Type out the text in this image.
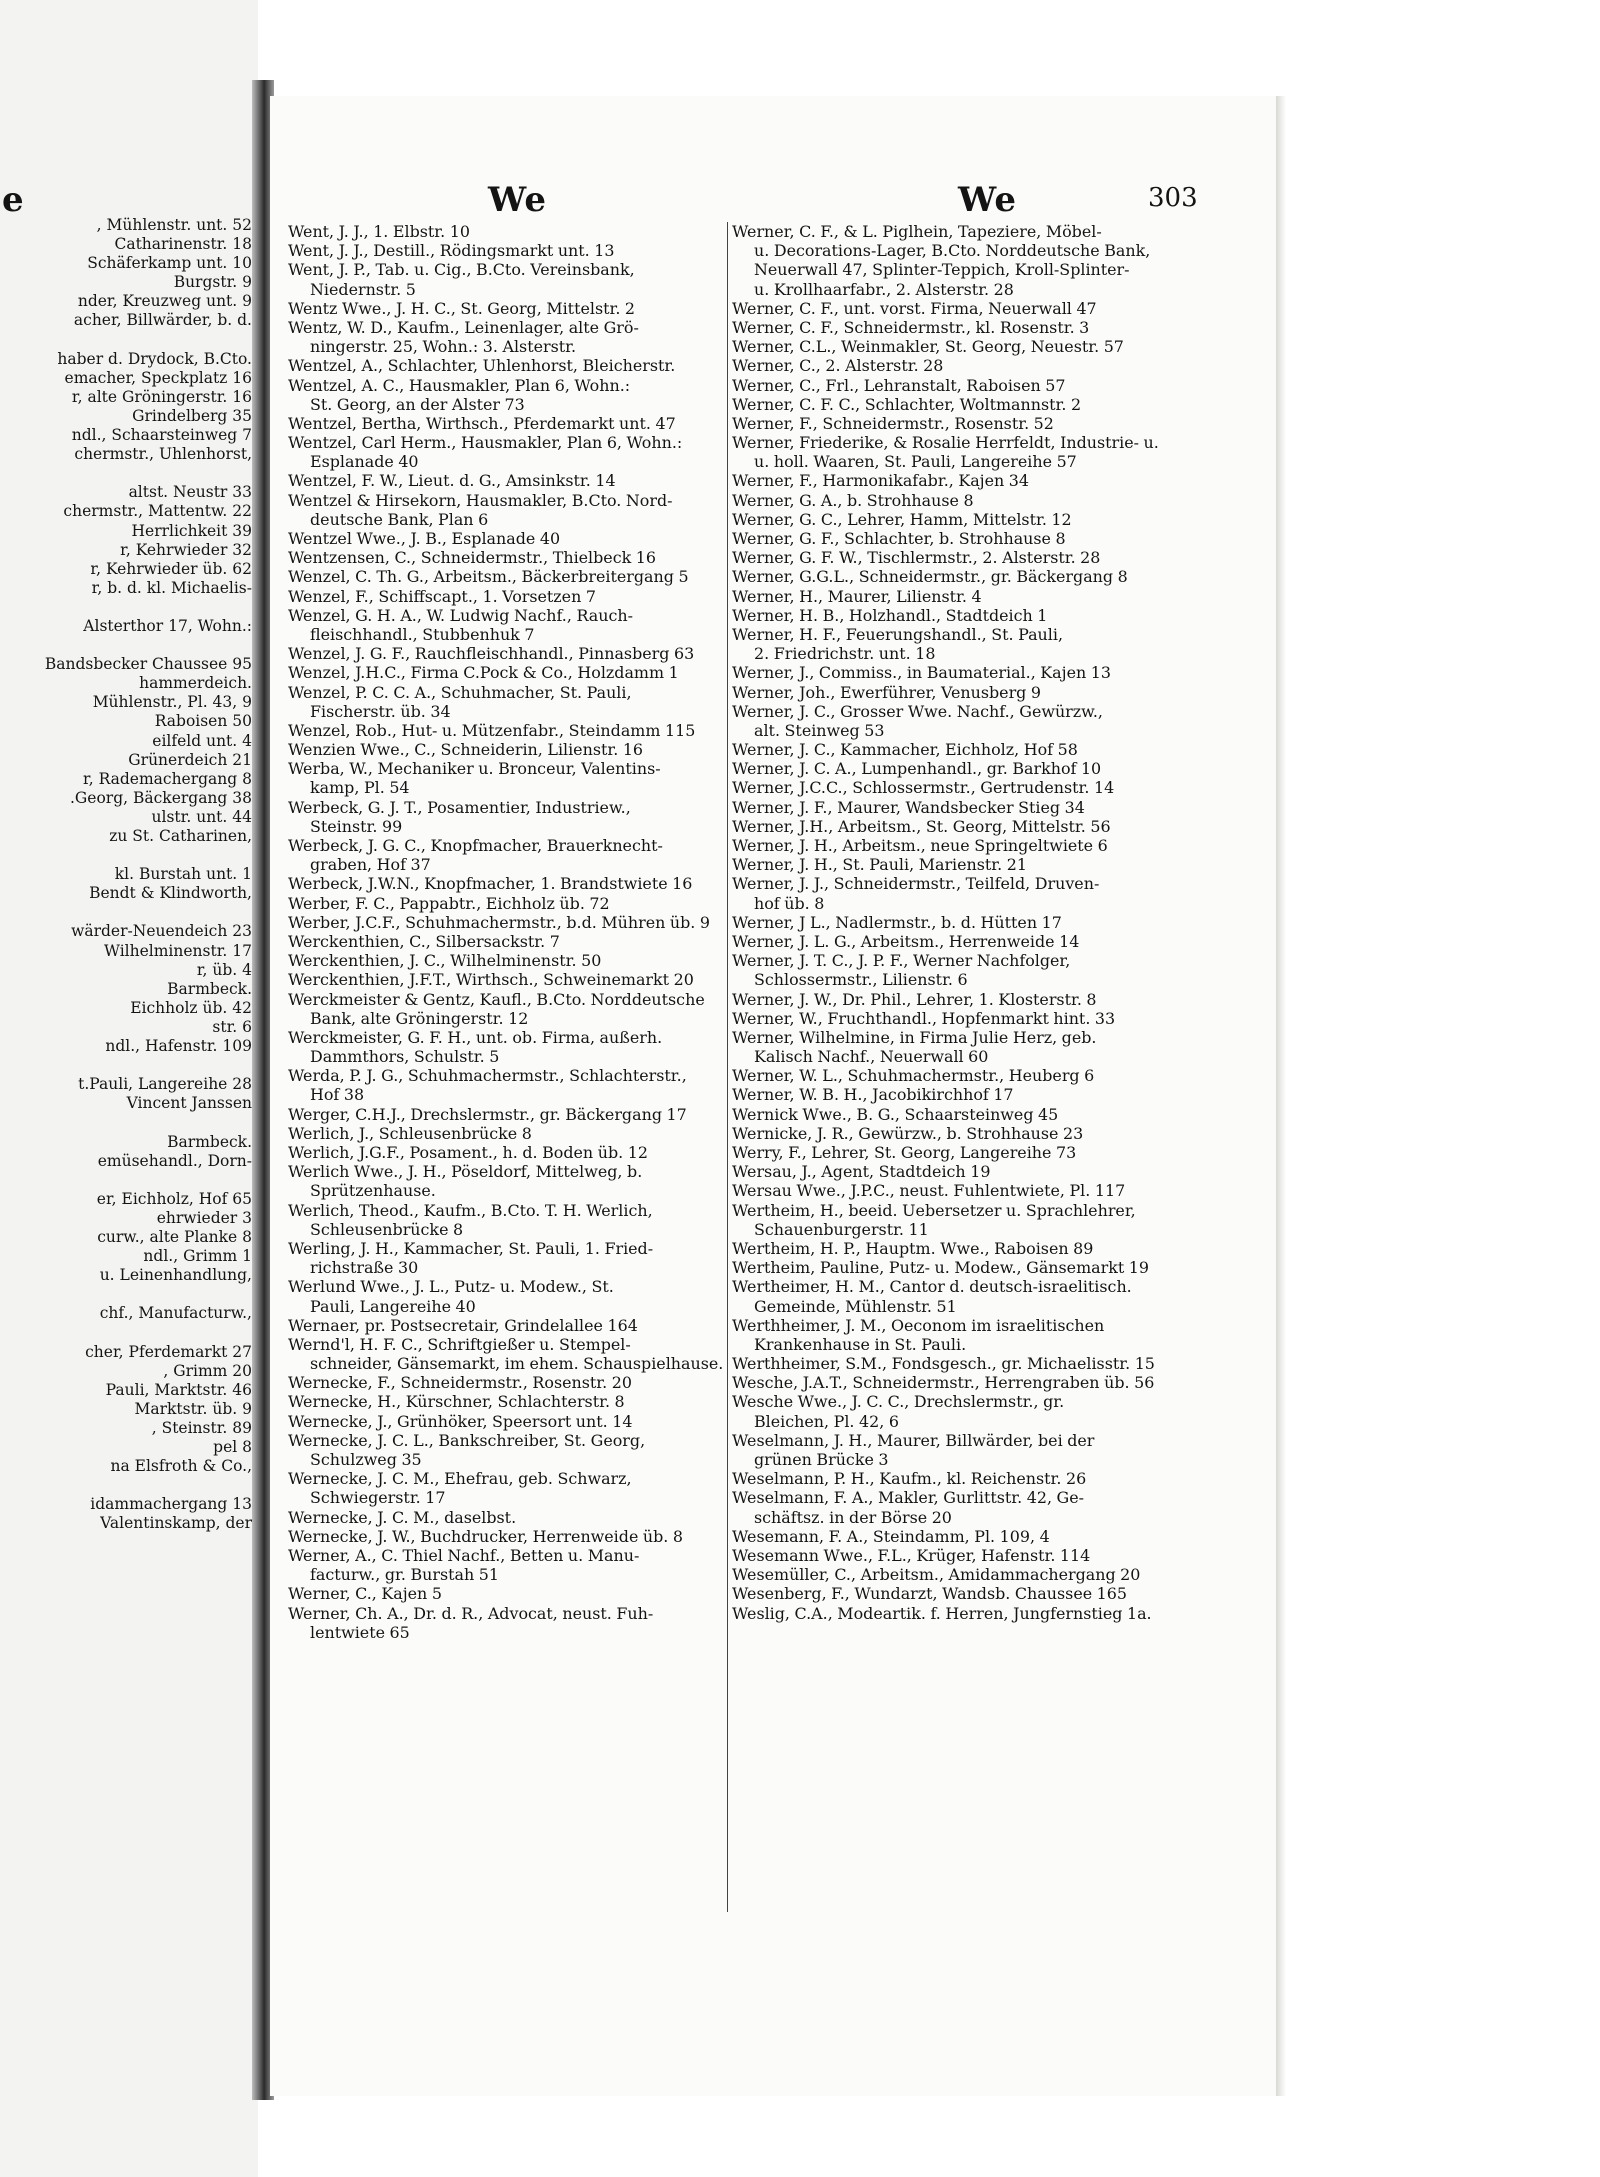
e
, Mühlenstr. unt. 52
Catharinenstr. 18
Schäferkamp unt. 10
Burgstr. 9
nder, Kreuzweg unt. 9
acher, Billwärder, b. d.
haber d. Drydock, B.Cto.
emacher, Speckplatz 16
r, alte Gröningerstr. 16
Grindelberg 35
ndl., Schaarsteinweg 7
chermstr., Uhlenhorst,
altst. Neustr 33
chermstr., Mattentw. 22
Herrlichkeit 39
r, Kehrwieder 32
r, Kehrwieder üb. 62
r, b. d. kl. Michaelis-
Alsterthor 17, Wohn.:
Bandsbecker Chaussee 95
hammerdeich.
Mühlenstr., Pl. 43, 9
Raboisen 50
eilfeld unt. 4
Grünerdeich 21
r, Rademachergang 8
.Georg, Bäckergang 38
ulstr. unt. 44
zu St. Catharinen,
kl. Burstah unt. 1
Bendt & Klindworth,
wärder-Neuendeich 23
Wilhelminenstr. 17
r, üb. 4
Barmbeck.
Eichholz üb. 42
str. 6
ndl., Hafenstr. 109
t.Pauli, Langereihe 28
Vincent Janssen
Barmbeck.
emüsehandl., Dorn-
er, Eichholz, Hof 65
ehrwieder 3
curw., alte Planke 8
ndl., Grimm 1
u. Leinenhandlung,
chf., Manufacturw.,
cher, Pferdemarkt 27
, Grimm 20
Pauli, Marktstr. 46
Marktstr. üb. 9
, Steinstr. 89
pel 8
na Elsfroth & Co.,
idammachergang 13
Valentinskamp, der
We	We	303
Went, J. J., 1. Elbstr. 10
Went, J. J., Destill., Rödingsmarkt unt. 13
Went, J. P., Tab. u. Cig., B.Cto. Vereinsbank,
Niedernstr. 5
Wentz Wwe., J. H. C., St. Georg, Mittelstr. 2
Wentz, W. D., Kaufm., Leinenlager, alte Grö-
ningerstr. 25, Wohn.: 3. Alsterstr.
Wentzel, A., Schlachter, Uhlenhorst, Bleicherstr.
Wentzel, A. C., Hausmakler, Plan 6, Wohn.:
St. Georg, an der Alster 73
Wentzel, Bertha, Wirthsch., Pferdemarkt unt. 47
Wentzel, Carl Herm., Hausmakler, Plan 6, Wohn.:
Esplanade 40
Wentzel, F. W., Lieut. d. G., Amsinkstr. 14
Wentzel & Hirsekorn, Hausmakler, B.Cto. Nord-
deutsche Bank, Plan 6
Wentzel Wwe., J. B., Esplanade 40
Wentzensen, C., Schneidermstr., Thielbeck 16
Wenzel, C. Th. G., Arbeitsm., Bäckerbreitergang 5
Wenzel, F., Schiffscapt., 1. Vorsetzen 7
Wenzel, G. H. A., W. Ludwig Nachf., Rauch-
fleischhandl., Stubbenhuk 7
Wenzel, J. G. F., Rauchfleischhandl., Pinnasberg 63
Wenzel, J.H.C., Firma C.Pock & Co., Holzdamm 1
Wenzel, P. C. C. A., Schuhmacher, St. Pauli,
Fischerstr. üb. 34
Wenzel, Rob., Hut- u. Mützenfabr., Steindamm 115
Wenzien Wwe., C., Schneiderin, Lilienstr. 16
Werba, W., Mechaniker u. Bronceur, Valentins-
kamp, Pl. 54
Werbeck, G. J. T., Posamentier, Industriew.,
Steinstr. 99
Werbeck, J. G. C., Knopfmacher, Brauerknecht-
graben, Hof 37
Werbeck, J.W.N., Knopfmacher, 1. Brandstwiete 16
Werber, F. C., Pappabtr., Eichholz üb. 72
Werber, J.C.F., Schuhmachermstr., b.d. Mühren üb. 9
Werckenthien, C., Silbersackstr. 7
Werckenthien, J. C., Wilhelminenstr. 50
Werckenthien, J.F.T., Wirthsch., Schweinemarkt 20
Werckmeister & Gentz, Kaufl., B.Cto. Norddeutsche
Bank, alte Gröningerstr. 12
Werckmeister, G. F. H., unt. ob. Firma, außerh.
Dammthors, Schulstr. 5
Werda, P. J. G., Schuhmachermstr., Schlachterstr.,
Hof 38
Werger, C.H.J., Drechslermstr., gr. Bäckergang 17
Werlich, J., Schleusenbrücke 8
Werlich, J.G.F., Posament., h. d. Boden üb. 12
Werlich Wwe., J. H., Pöseldorf, Mittelweg, b.
Sprützenhause.
Werlich, Theod., Kaufm., B.Cto. T. H. Werlich,
Schleusenbrücke 8
Werling, J. H., Kammacher, St. Pauli, 1. Fried-
richstraße 30
Werlund Wwe., J. L., Putz- u. Modew., St.
Pauli, Langereihe 40
Wernaer, pr. Postsecretair, Grindelallee 164
Wernd'l, H. F. C., Schriftgießer u. Stempel-
schneider, Gänsemarkt, im ehem. Schauspielhause.
Wernecke, F., Schneidermstr., Rosenstr. 20
Wernecke, H., Kürschner, Schlachterstr. 8
Wernecke, J., Grünhöker, Speersort unt. 14
Wernecke, J. C. L., Bankschreiber, St. Georg,
Schulzweg 35
Wernecke, J. C. M., Ehefrau, geb. Schwarz,
Schwiegerstr. 17
Wernecke, J. C. M., daselbst.
Wernecke, J. W., Buchdrucker, Herrenweide üb. 8
Werner, A., C. Thiel Nachf., Betten u. Manu-
facturw., gr. Burstah 51
Werner, C., Kajen 5
Werner, Ch. A., Dr. d. R., Advocat, neust. Fuh-
lentwiete 65
Werner, C. F., & L. Piglhein, Tapeziere, Möbel-
u. Decorations-Lager, B.Cto. Norddeutsche Bank,
Neuerwall 47, Splinter-Teppich, Kroll-Splinter-
u. Krollhaarfabr., 2. Alsterstr. 28
Werner, C. F., unt. vorst. Firma, Neuerwall 47
Werner, C. F., Schneidermstr., kl. Rosenstr. 3
Werner, C.L., Weinmakler, St. Georg, Neuestr. 57
Werner, C., 2. Alsterstr. 28
Werner, C., Frl., Lehranstalt, Raboisen 57
Werner, C. F. C., Schlachter, Woltmannstr. 2
Werner, F., Schneidermstr., Rosenstr. 52
Werner, Friederike, & Rosalie Herrfeldt, Industrie- u.
u. holl. Waaren, St. Pauli, Langereihe 57
Werner, F., Harmonikafabr., Kajen 34
Werner, G. A., b. Strohhause 8
Werner, G. C., Lehrer, Hamm, Mittelstr. 12
Werner, G. F., Schlachter, b. Strohhause 8
Werner, G. F. W., Tischlermstr., 2. Alsterstr. 28
Werner, G.G.L., Schneidermstr., gr. Bäckergang 8
Werner, H., Maurer, Lilienstr. 4
Werner, H. B., Holzhandl., Stadtdeich 1
Werner, H. F., Feuerungshandl., St. Pauli,
2. Friedrichstr. unt. 18
Werner, J., Commiss., in Baumaterial., Kajen 13
Werner, Joh., Ewerführer, Venusberg 9
Werner, J. C., Grosser Wwe. Nachf., Gewürzw.,
alt. Steinweg 53
Werner, J. C., Kammacher, Eichholz, Hof 58
Werner, J. C. A., Lumpenhandl., gr. Barkhof 10
Werner, J.C.C., Schlossermstr., Gertrudenstr. 14
Werner, J. F., Maurer, Wandsbecker Stieg 34
Werner, J.H., Arbeitsm., St. Georg, Mittelstr. 56
Werner, J. H., Arbeitsm., neue Springeltwiete 6
Werner, J. H., St. Pauli, Marienstr. 21
Werner, J. J., Schneidermstr., Teilfeld, Druven-
hof üb. 8
Werner, J L., Nadlermstr., b. d. Hütten 17
Werner, J. L. G., Arbeitsm., Herrenweide 14
Werner, J. T. C., J. P. F., Werner Nachfolger,
Schlossermstr., Lilienstr. 6
Werner, J. W., Dr. Phil., Lehrer, 1. Klosterstr. 8
Werner, W., Fruchthandl., Hopfenmarkt hint. 33
Werner, Wilhelmine, in Firma Julie Herz, geb.
Kalisch Nachf., Neuerwall 60
Werner, W. L., Schuhmachermstr., Heuberg 6
Werner, W. B. H., Jacobikirchhof 17
Wernick Wwe., B. G., Schaarsteinweg 45
Wernicke, J. R., Gewürzw., b. Strohhause 23
Werry, F., Lehrer, St. Georg, Langereihe 73
Wersau, J., Agent, Stadtdeich 19
Wersau Wwe., J.P.C., neust. Fuhlentwiete, Pl. 117
Wertheim, H., beeid. Uebersetzer u. Sprachlehrer,
Schauenburgerstr. 11
Wertheim, H. P., Hauptm. Wwe., Raboisen 89
Wertheim, Pauline, Putz- u. Modew., Gänsemarkt 19
Wertheimer, H. M., Cantor d. deutsch-israelitisch.
Gemeinde, Mühlenstr. 51
Werthheimer, J. M., Oeconom im israelitischen
Krankenhause in St. Pauli.
Werthheimer, S.M., Fondsgesch., gr. Michaelisstr. 15
Wesche, J.A.T., Schneidermstr., Herrengraben üb. 56
Wesche Wwe., J. C. C., Drechslermstr., gr.
Bleichen, Pl. 42, 6
Weselmann, J. H., Maurer, Billwärder, bei der
grünen Brücke 3
Weselmann, P. H., Kaufm., kl. Reichenstr. 26
Weselmann, F. A., Makler, Gurlittstr. 42, Ge-
schäftsz. in der Börse 20
Wesemann, F. A., Steindamm, Pl. 109, 4
Wesemann Wwe., F.L., Krüger, Hafenstr. 114
Wesemüller, C., Arbeitsm., Amidammachergang 20
Wesenberg, F., Wundarzt, Wandsb. Chaussee 165
Weslig, C.A., Modeartik. f. Herren, Jungfernstieg 1a.
